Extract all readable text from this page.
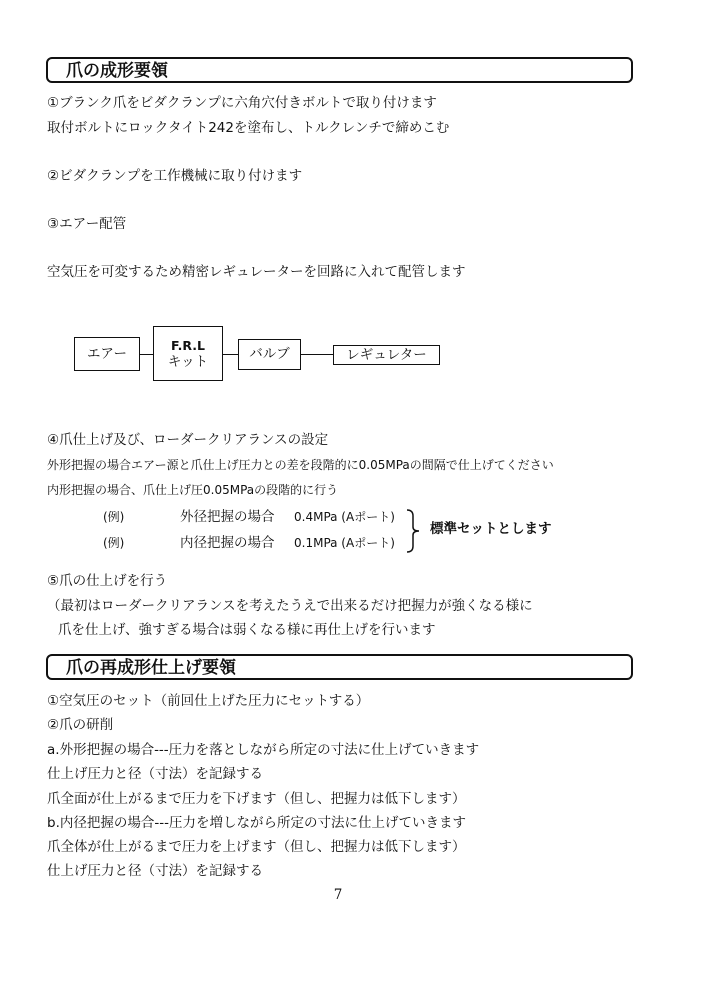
爪の成形要領
①ブランク爪をビダクランプに六角穴付きボルトで取り付けます
取付ボルトにロックタイト242を塗布し、トルクレンチで締めこむ
②ビダクランプを工作機械に取り付けます
③エアー配管
空気圧を可変するため精密レギュレーターを回路に入れて配管します
エアー
F.R.L
キット	バルブ	レギュレター
④爪仕上げ及び、ローダークリアランスの設定
外形把握の場合エアー源と爪仕上げ圧力との差を段階的に0.05MPaの間隔で仕上げてください
内形把握の場合、爪仕上げ圧0.05MPaの段階的に行う
(例)	外径把握の場合 0.4MPa (Aポート)
(例)	内径把握の場合 0.1MPa (Aポート)
標準セットとします
⑤爪の仕上げを行う
（最初はローダークリアランスを考えたうえで出来るだけ把握力が強くなる様に
爪を仕上げ、強すぎる場合は弱くなる様に再仕上げを行います
爪の再成形仕上げ要領
①空気圧のセット（前回仕上げた圧力にセットする）
②爪の研削
a.外形把握の場合---圧力を落としながら所定の寸法に仕上げていきます
仕上げ圧力と径（寸法）を記録する
爪全面が仕上がるまで圧力を下げます（但し、把握力は低下します）
b.内径把握の場合---圧力を増しながら所定の寸法に仕上げていきます
爪全体が仕上がるまで圧力を上げます（但し、把握力は低下します）
仕上げ圧力と径（寸法）を記録する
7
